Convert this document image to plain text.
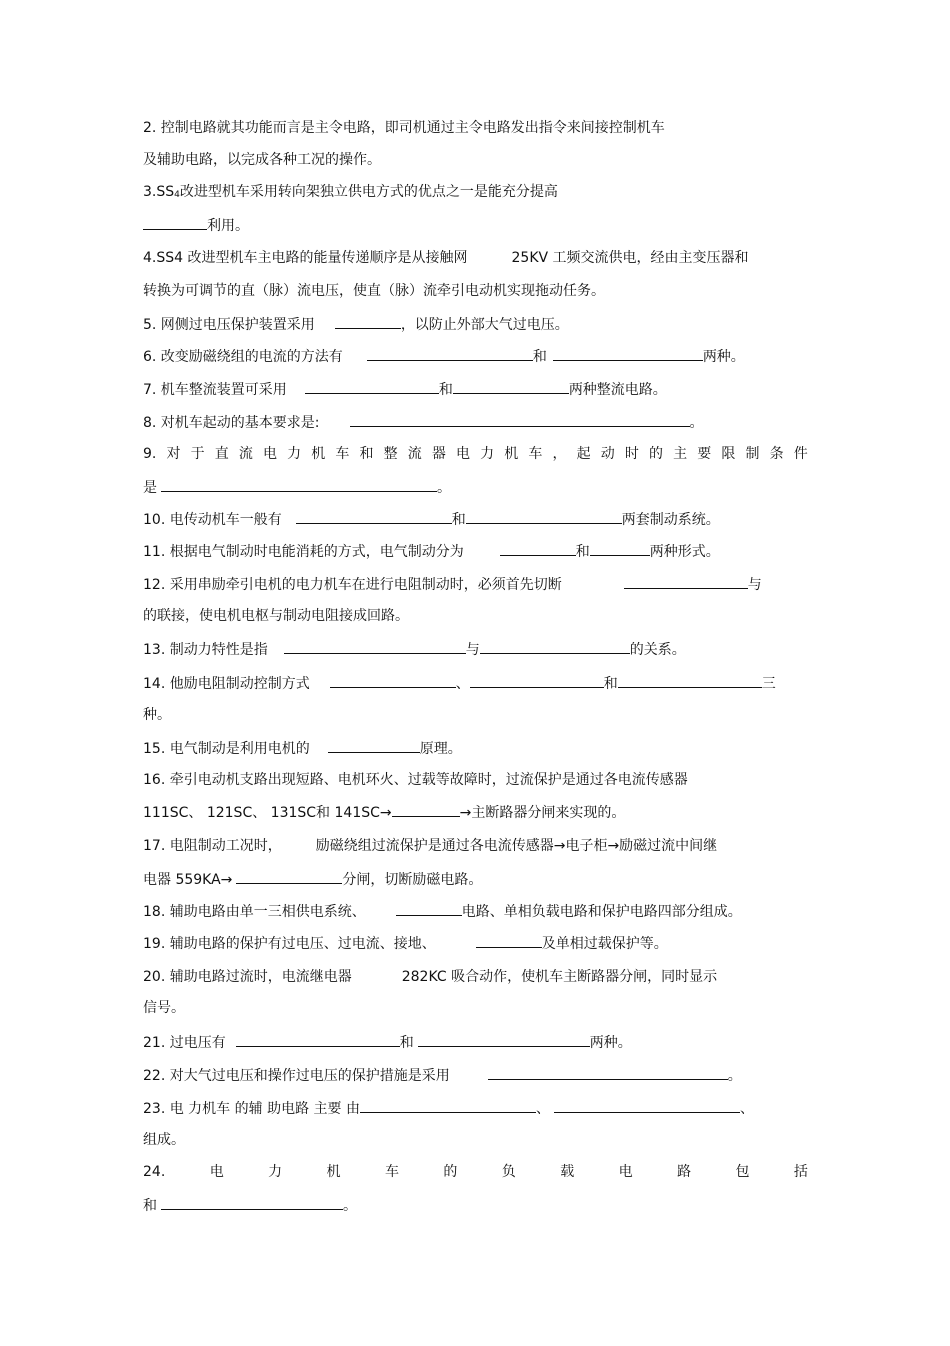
2. 控制电路就其功能而言是主令电路，即司机通过主令电路发出指令来间接控制机车
及辅助电路，以完成各种工况的操作。
3.SS4改进型机车采用转向架独立供电方式的优点之一是能充分提高
利用。
4.SS4 改进型机车主电路的能量传递顺序是从接触网	25KV 工频交流供电，经由主变压器和
转换为可调节的直（脉）流电压，使直（脉）流牵引电动机实现拖动任务。
5. 网侧过电压保护装置采用	，以防止外部大气过电压。
6. 改变励磁绕组的电流的方法有	和	两种。
7. 机车整流装置可采用	和	两种整流电路。
8. 对机车起动的基本要求是:	。
9. 对 于 直 流 电 力 机 车 和 整 流 器 电 力 机 车 ， 起 动 时 的 主 要 限 制 条 件
是	。
10. 电传动机车一般有	和	两套制动系统。
11. 根据电气制动时电能消耗的方式，电气制动分为	和	两种形式。
12. 采用串励牵引电机的电力机车在进行电阻制动时，必须首先切断	与
的联接，使电机电枢与制动电阻接成回路。
13. 制动力特性是指	与	的关系。
14. 他励电阻制动控制方式	、	和	三
种。
15. 电气制动是利用电机的	原理。
16. 牵引电动机支路出现短路、电机环火、过载等故障时，过流保护是通过各电流传感器
111SC、 121SC、 131SC和 141SC→	→主断路器分闸来实现的。
17. 电阻制动工况时， 励磁绕组过流保护是通过各电流传感器→电子柜→励磁过流中间继
电器 559KA→	分闸，切断励磁电路。
18. 辅助电路由单一三相供电系统、	电路、单相负载电路和保护电路四部分组成。
19. 辅助电路的保护有过电压、过电流、接地、	及单相过载保护等。
20. 辅助电路过流时，电流继电器	282KC 吸合动作，使机车主断路器分闸，同时显示
信号。
21. 过电压有	和	两种。
22. 对大气过电压和操作过电压的保护措施是采用	。
23. 电 力机车 的辅 助电路 主要 由	、	、
组成。
24.	电	力	机	车	的	负	载	电	路	包	括
和	。
